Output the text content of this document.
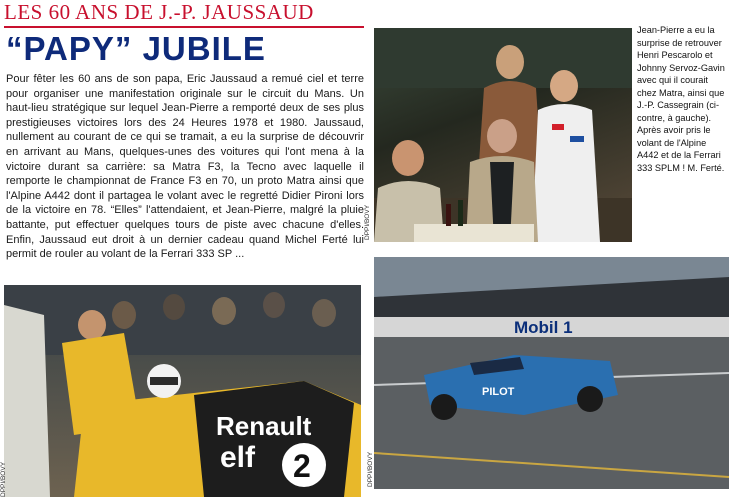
LES 60 ANS DE J.-P. JAUSSAUD
“PAPY” JUBILE
Pour fêter les 60 ans de son papa, Eric Jaussaud a remué ciel et terre pour organiser une manifestation originale sur le circuit du Mans. Un haut-lieu stratégique sur lequel Jean-Pierre a remporté deux de ses plus prestigieuses victoires lors des 24 Heures 1978 et 1980. Jaussaud, nullement au courant de ce qui se tramait, a eu la surprise de découvrir en arrivant au Mans, quelques-unes des voitures qui l'ont mena à la victoire durant sa carrière: sa Matra F3, la Tecno avec laquelle il remporte le championnat de France F3 en 70, un proto Matra ainsi que l'Alpine A442 dont il partagea le volant avec le regretté Didier Pironi lors de la victoire en 78. “Elles” l'attendaient, et Jean-Pierre, malgré la pluie battante, put effectuer quelques tours de piste avec chacune d'elles. Enfin, Jaussaud eut droit à un dernier cadeau quand Michel Ferté lui permit de rouler au volant de la Ferrari 333 SP ...
Jean-Pierre a eu la surprise de retrouver Henri Pescarolo et Johnny Servoz-Gavin avec qui il courait chez Matra, ainsi que J.-P. Cassegrain (ci-contre, à gauche). Après avoir pris le volant de l'Alpine A442 et de la Ferrari 333 SPLM ! M. Ferté.
Renault
elf 2
Mobil 1
PILOT
DPPI/BOVY
DPPI/BOVY	DPPI/BOVY
